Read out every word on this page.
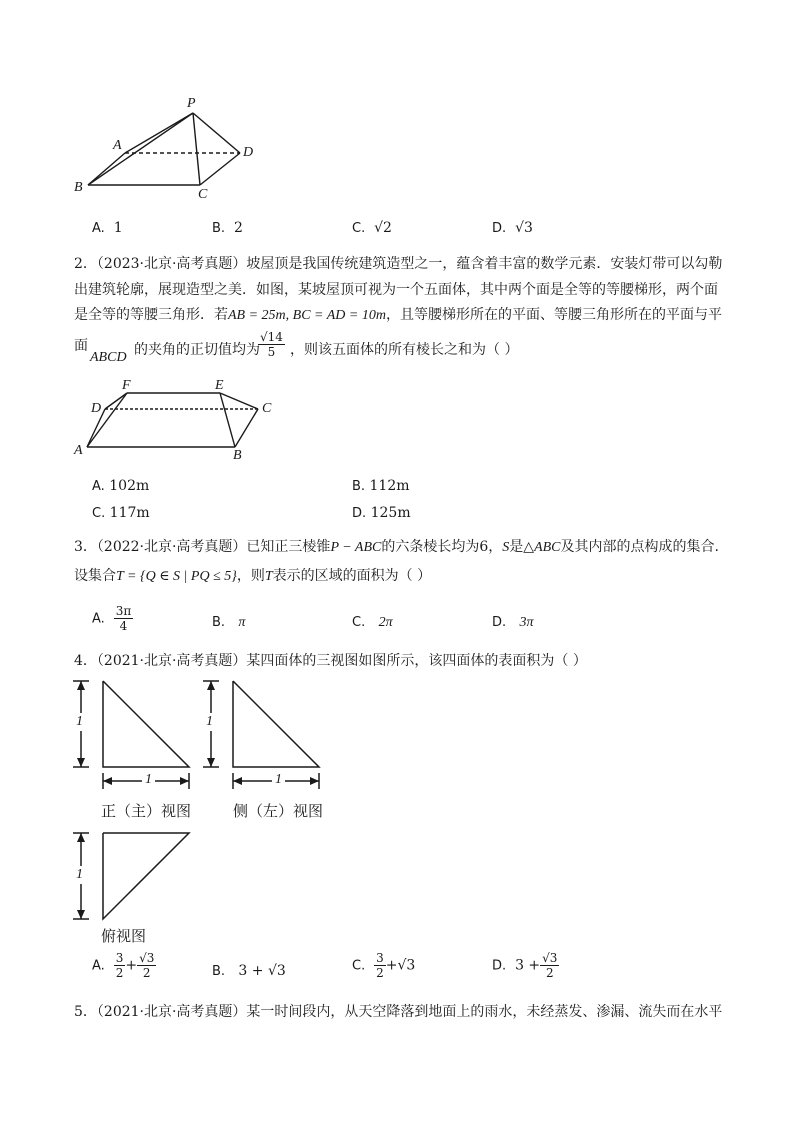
P
A
B	C
D
A. 1	B. 2	C. √2	D. √3
2．（2023·北京·高考真题）坡屋顶是我国传统建筑造型之一，蕴含着丰富的数学元素．安装灯带可以勾勒
出建筑轮廓，展现造型之美．如图，某坡屋顶可视为一个五面体，其中两个面是全等的等腰梯形，两个面
是全等的等腰三角形．若AB = 25m, BC = AD = 10m，且等腰梯形所在的平面、等腰三角形所在的平面与平
面
ABCD 的夹角的正切值均为
$\frac{√14}{5}$ ，则该五面体的所有棱长之和为（ ）
F	E
D	C
A	B
A. 102m	B. 112m
C. 117m	D. 125m
3．（2022·北京·高考真题）已知正三棱锥P − ABC的六条棱长均为6，S是△ABC及其内部的点构成的集合.
设集合T = {Q ∈ S | PQ ≤ 5}，则T表示的区域的面积为（ ）
A. $\frac{3\pi}{4}$	B. π	C. 2π	D. 3π
4．（2021·北京·高考真题）某四面体的三视图如图所示，该四面体的表面积为（ ）
1
1
1
1
1
正（主）视图	侧（左）视图
俯视图
A. $\frac{3}{2} + \frac{√3}{2}$	B. 3 + √3	C. $\frac{3}{2} +√3$	D. $3 + \frac{√3}{2}$
5．（2021·北京·高考真题）某一时间段内，从天空降落到地面上的雨水，未经蒸发、渗漏、流失而在水平
